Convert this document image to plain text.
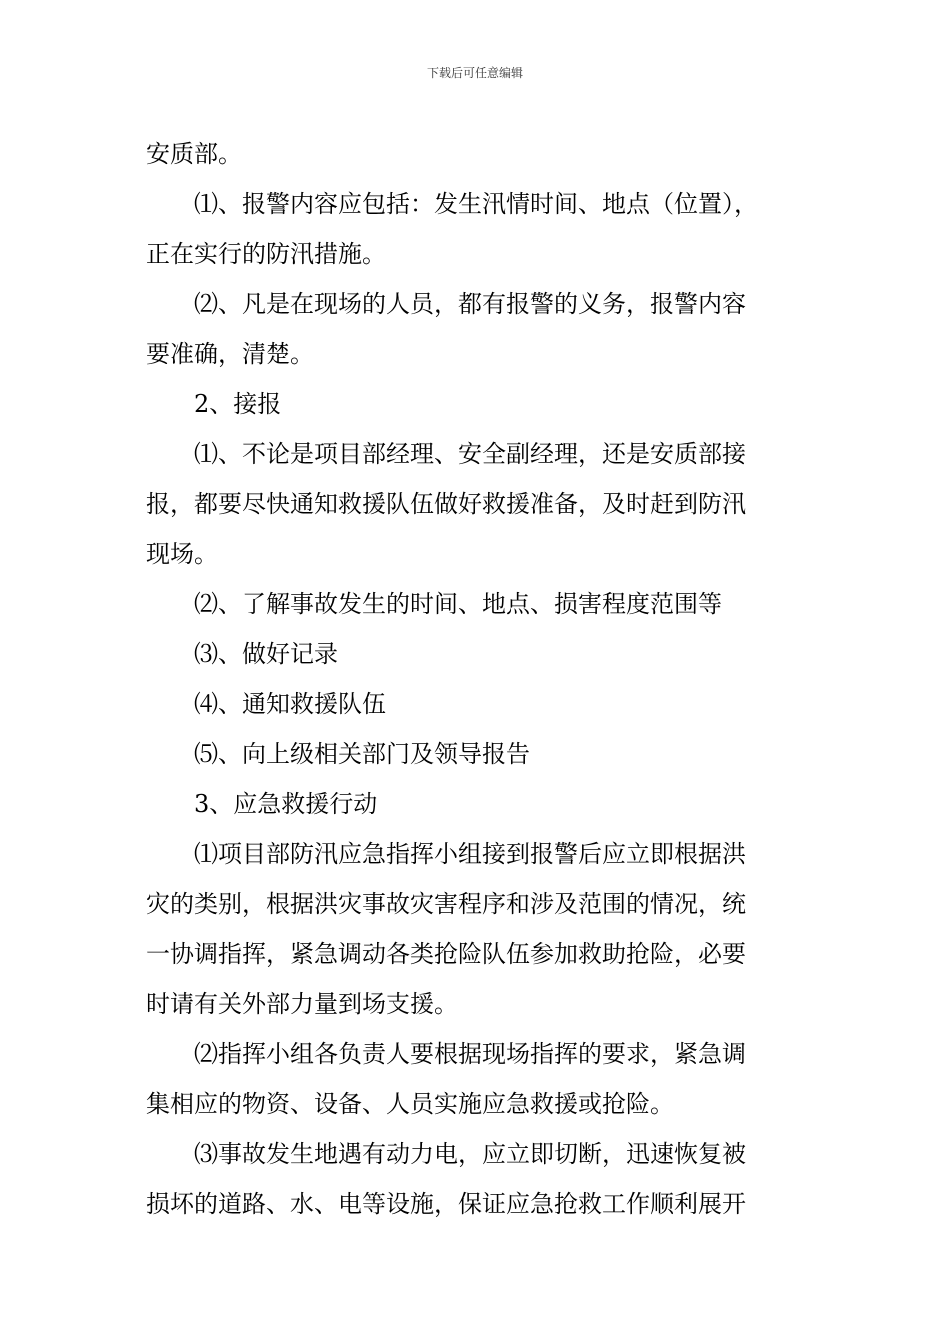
下载后可任意编辑
安质部。
⑴、报警内容应包括：发生汛情时间、地点（位置），
正在实行的防汛措施。
⑵、凡是在现场的人员，都有报警的义务，报警内容
要准确，清楚。
2、接报
⑴、不论是项目部经理、安全副经理，还是安质部接
报，都要尽快通知救援队伍做好救援准备，及时赶到防汛
现场。
⑵、了解事故发生的时间、地点、损害程度范围等
⑶、做好记录
⑷、通知救援队伍
⑸、向上级相关部门及领导报告
3、应急救援行动
⑴项目部防汛应急指挥小组接到报警后应立即根据洪
灾的类别，根据洪灾事故灾害程序和涉及范围的情况，统
一协调指挥，紧急调动各类抢险队伍参加救助抢险，必要
时请有关外部力量到场支援。
⑵指挥小组各负责人要根据现场指挥的要求，紧急调
集相应的物资、设备、人员实施应急救援或抢险。
⑶事故发生地遇有动力电，应立即切断，迅速恢复被
损坏的道路、水、电等设施，保证应急抢救工作顺利展开
